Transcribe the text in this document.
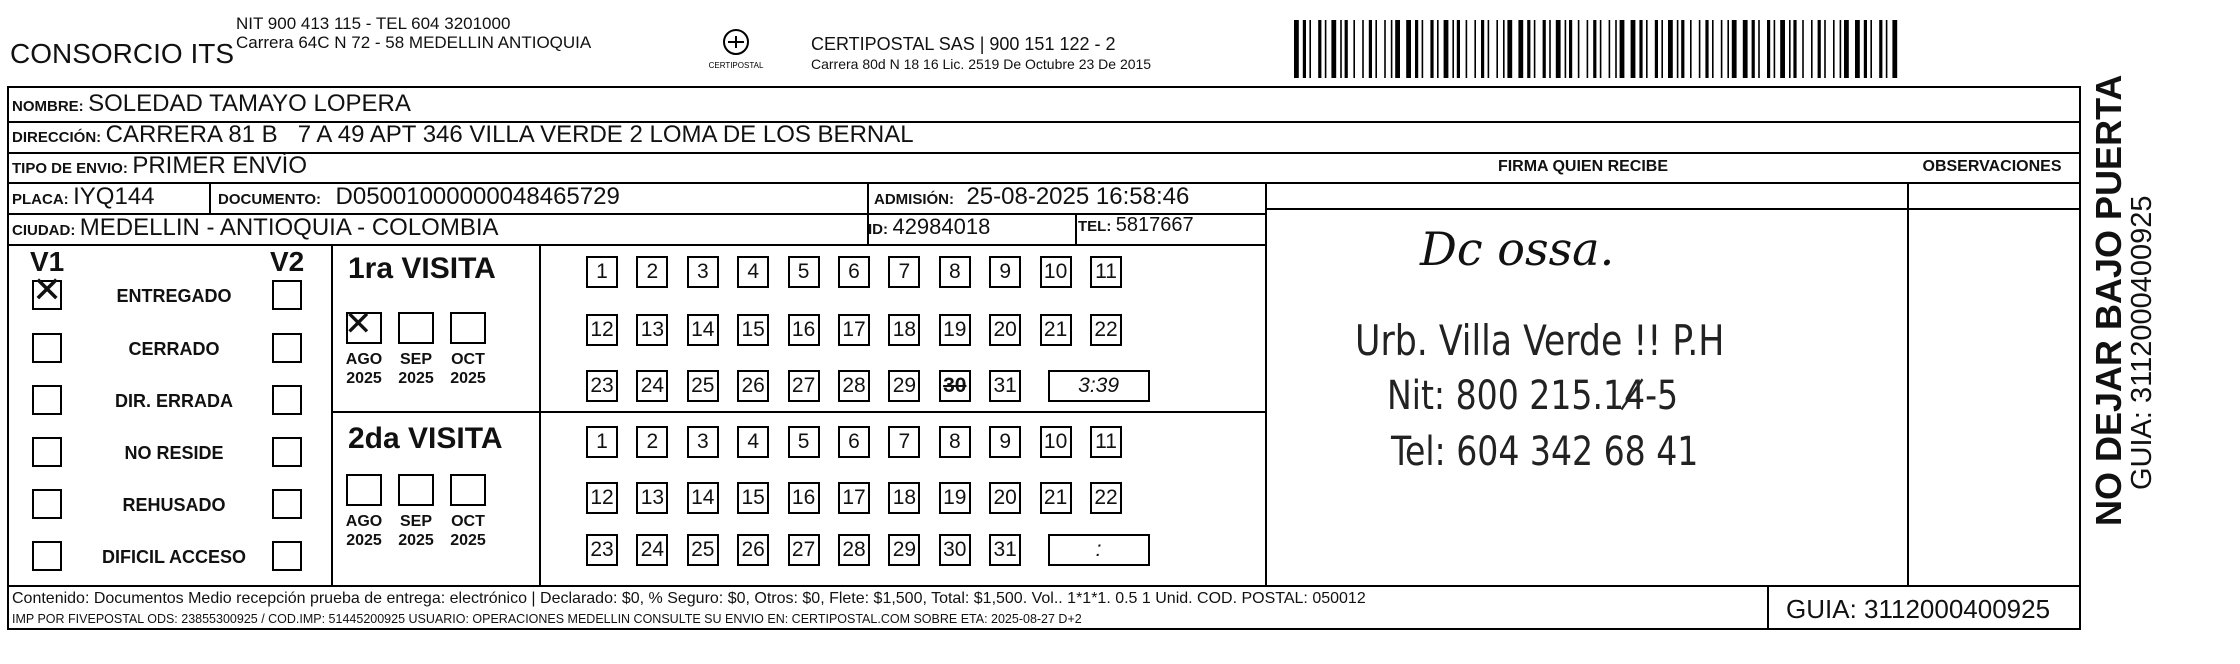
CONSORCIO ITS
NIT 900 413 115 - TEL 604 3201000
Carrera 64C N 72 - 58 MEDELLIN ANTIOQUIA
CERTIPOSTAL
CERTIPOSTAL SAS | 900 151 122 - 2
Carrera 80d N 18 16 Lic. 2519 De Octubre 23 De 2015
NOMBRE: SOLEDAD TAMAYO LOPERA
DIRECCIÓN: CARRERA 81 B   7 A 49 APT 346 VILLA VERDE 2 LOMA DE LOS BERNAL
TIPO DE ENVIO: PRIMER ENVÍO
PLACA: IYQ144	DOCUMENTO: D05001000000048465729	ADMISIÓN: 25-08-2025 16:58:46
CIUDAD: MEDELLIN - ANTIOQUIA - COLOMBIA	ID: 42984018	TEL: 5817667
FIRMA QUIEN RECIBE	OBSERVACIONES
V1	V2
✕	ENTREGADO
CERRADO
DIR. ERRADA
NO RESIDE
REHUSADO
DIFICIL ACCESO
1ra VISITA
✕
AGO
2025
SEP
2025
OCT
2025
1	2	3	4	5	6	7	8	9	10 11
12 13 14 15 16 17 18 19 20 21 22
23 24 25 26 27 28 29 30 31	3:39
2da VISITA
AGO
2025
SEP
2025
OCT
2025
1	2	3	4	5	6	7	8	9	10 11
12 13 14 15 16 17 18 19 20 21 22
23 24 25 26 27 28 29 30 31	:
Dc ossa.
Urb. Villa Verde !! P.H
Nit: 800 215.14̸-5
Tel: 604 342 68 41
Contenido: Documentos Medio recepción prueba de entrega: electrónico | Declarado: $0, % Seguro: $0, Otros: $0, Flete: $1,500, Total: $1,500. Vol.. 1*1*1. 0.5 1 Unid. COD. POSTAL: 050012
IMP POR FIVEPOSTAL ODS: 23855300925 / COD.IMP: 51445200925 USUARIO: OPERACIONES MEDELLIN CONSULTE SU ENVIO EN: CERTIPOSTAL.COM SOBRE ETA: 2025-08-27 D+2	GUIA: 3112000400925
NO DEJAR BAJO PUERTA
GUIA: 3112000400925
